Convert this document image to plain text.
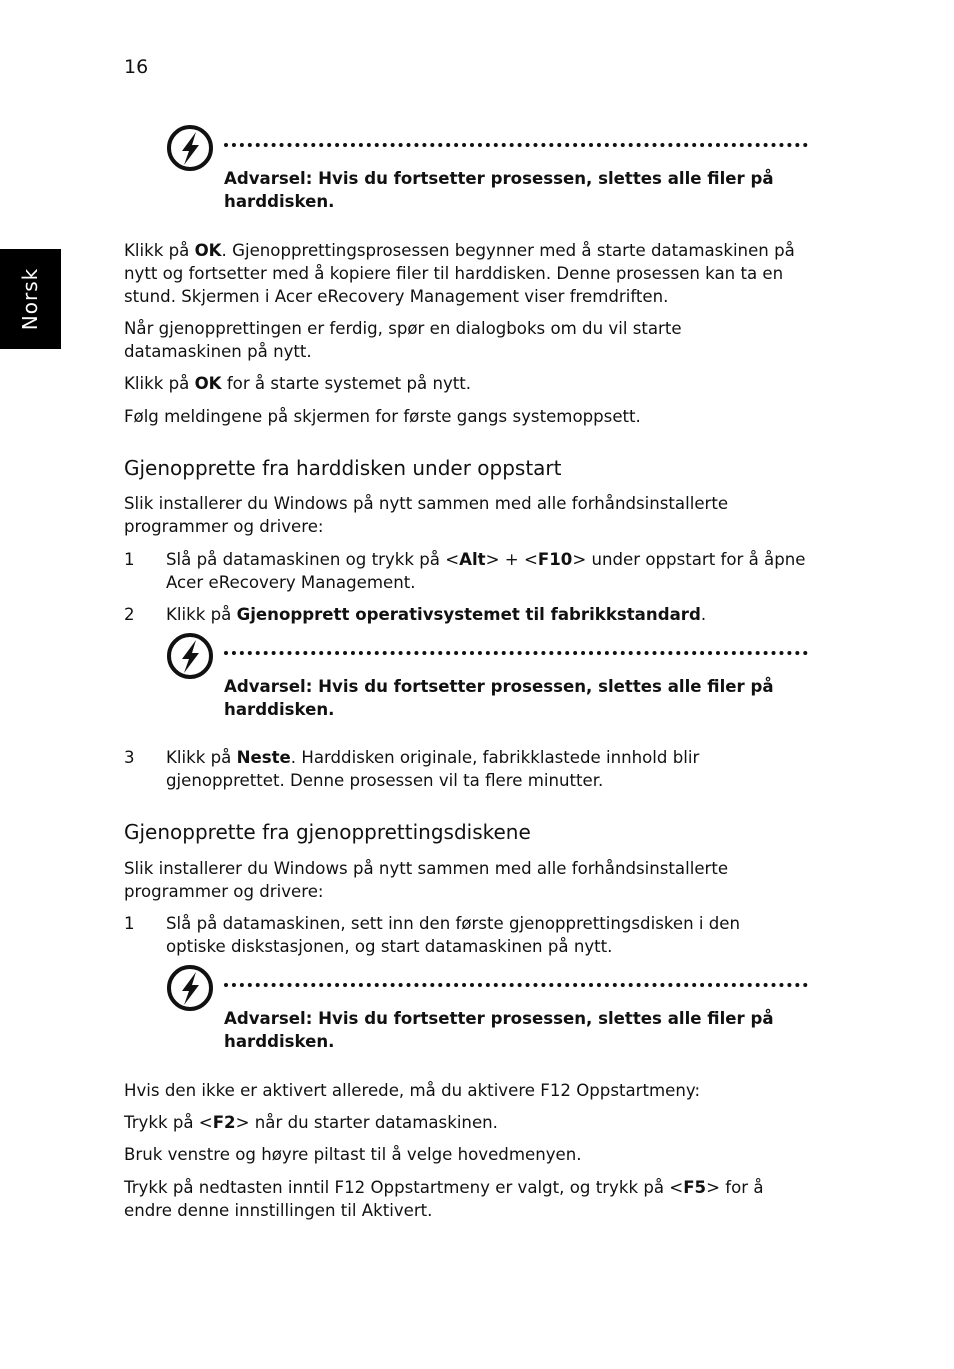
16
Norsk

Advarsel: Hvis du fortsetter prosessen, slettes alle filer på
harddisken.

Klikk på OK. Gjenopprettingsprosessen begynner med å starte datamaskinen på
nytt og fortsetter med å kopiere filer til harddisken. Denne prosessen kan ta en
stund. Skjermen i Acer eRecovery Management viser fremdriften.

Når gjenopprettingen er ferdig, spør en dialogboks om du vil starte
datamaskinen på nytt.

Klikk på OK for å starte systemet på nytt.

Følg meldingene på skjermen for første gangs systemoppsett.

Gjenopprette fra harddisken under oppstart

Slik installerer du Windows på nytt sammen med alle forhåndsinstallerte
programmer og drivere:

1 Slå på datamaskinen og trykk på <Alt> + <F10> under oppstart for å åpne
Acer eRecovery Management.

2 Klikk på Gjenopprett operativsystemet til fabrikkstandard.

Advarsel: Hvis du fortsetter prosessen, slettes alle filer på
harddisken.

3 Klikk på Neste. Harddisken originale, fabrikklastede innhold blir
gjenopprettet. Denne prosessen vil ta flere minutter.

Gjenopprette fra gjenopprettingsdiskene

Slik installerer du Windows på nytt sammen med alle forhåndsinstallerte
programmer og drivere:

1 Slå på datamaskinen, sett inn den første gjenopprettingsdisken i den
optiske diskstasjonen, og start datamaskinen på nytt.

Advarsel: Hvis du fortsetter prosessen, slettes alle filer på
harddisken.

Hvis den ikke er aktivert allerede, må du aktivere F12 Oppstartmeny:

Trykk på <F2> når du starter datamaskinen.

Bruk venstre og høyre piltast til å velge hovedmenyen.

Trykk på nedtasten inntil F12 Oppstartmeny er valgt, og trykk på <F5> for å
endre denne innstillingen til Aktivert.
